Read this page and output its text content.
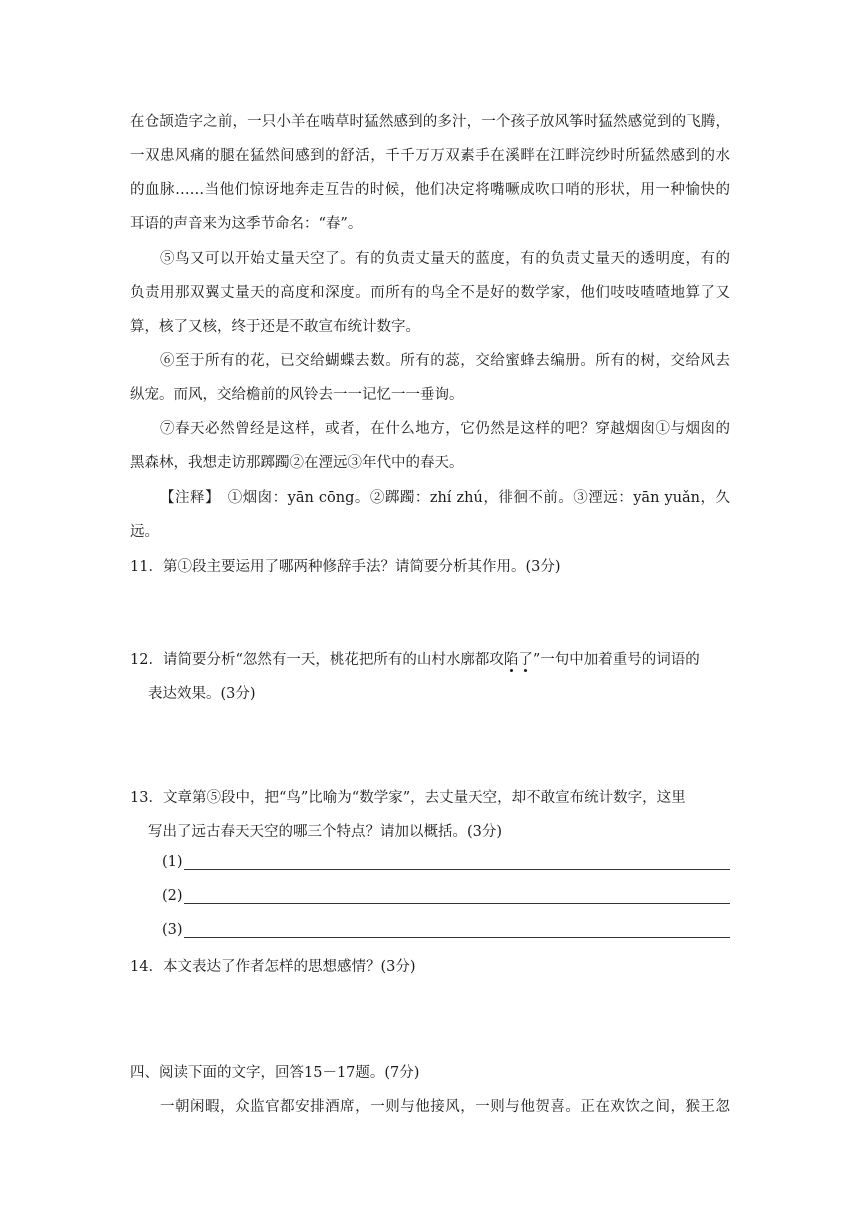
在仓颉造字之前，一只小羊在啮草时猛然感到的多汁，一个孩子放风筝时猛然感觉到的飞腾，
一双患风痛的腿在猛然间感到的舒活，千千万万双素手在溪畔在江畔浣纱时所猛然感到的水
的血脉……当他们惊讶地奔走互告的时候，他们决定将嘴噘成吹口哨的形状，用一种愉快的
耳语的声音来为这季节命名：“春”。
⑤鸟又可以开始丈量天空了。有的负责丈量天的蓝度，有的负责丈量天的透明度，有的
负责用那双翼丈量天的高度和深度。而所有的鸟全不是好的数学家，他们吱吱喳喳地算了又
算，核了又核，终于还是不敢宣布统计数字。
⑥至于所有的花，已交给蝴蝶去数。所有的蕊，交给蜜蜂去编册。所有的树，交给风去
纵宠。而风，交给檐前的风铃去一一记忆一一垂询。
⑦春天必然曾经是这样，或者，在什么地方，它仍然是这样的吧？穿越烟囱①与烟囱的
黑森林，我想走访那踯躅②在湮远③年代中的春天。
【注释】　①烟囱：yān cōng。②踯躅：zhí zhú，徘徊不前。③湮远：yān yuǎn，久
远。
11．第①段主要运用了哪两种修辞手法？请简要分析其作用。(3分)
12．请简要分析“忽然有一天，桃花把所有的山村水廓都攻陷了”一句中加着重号的词语的
表达效果。(3分)
13．文章第⑤段中，把“鸟”比喻为“数学家”，去丈量天空，却不敢宣布统计数字，这里
写出了远古春天天空的哪三个特点？请加以概括。(3分)
(1)
(2)
(3)
14．本文表达了作者怎样的思想感情？(3分)
四、阅读下面的文字，回答15－17题。(7分)
一朝闲暇，众监官都安排酒席，一则与他接风，一则与他贺喜。正在欢饮之间，猴王忽
